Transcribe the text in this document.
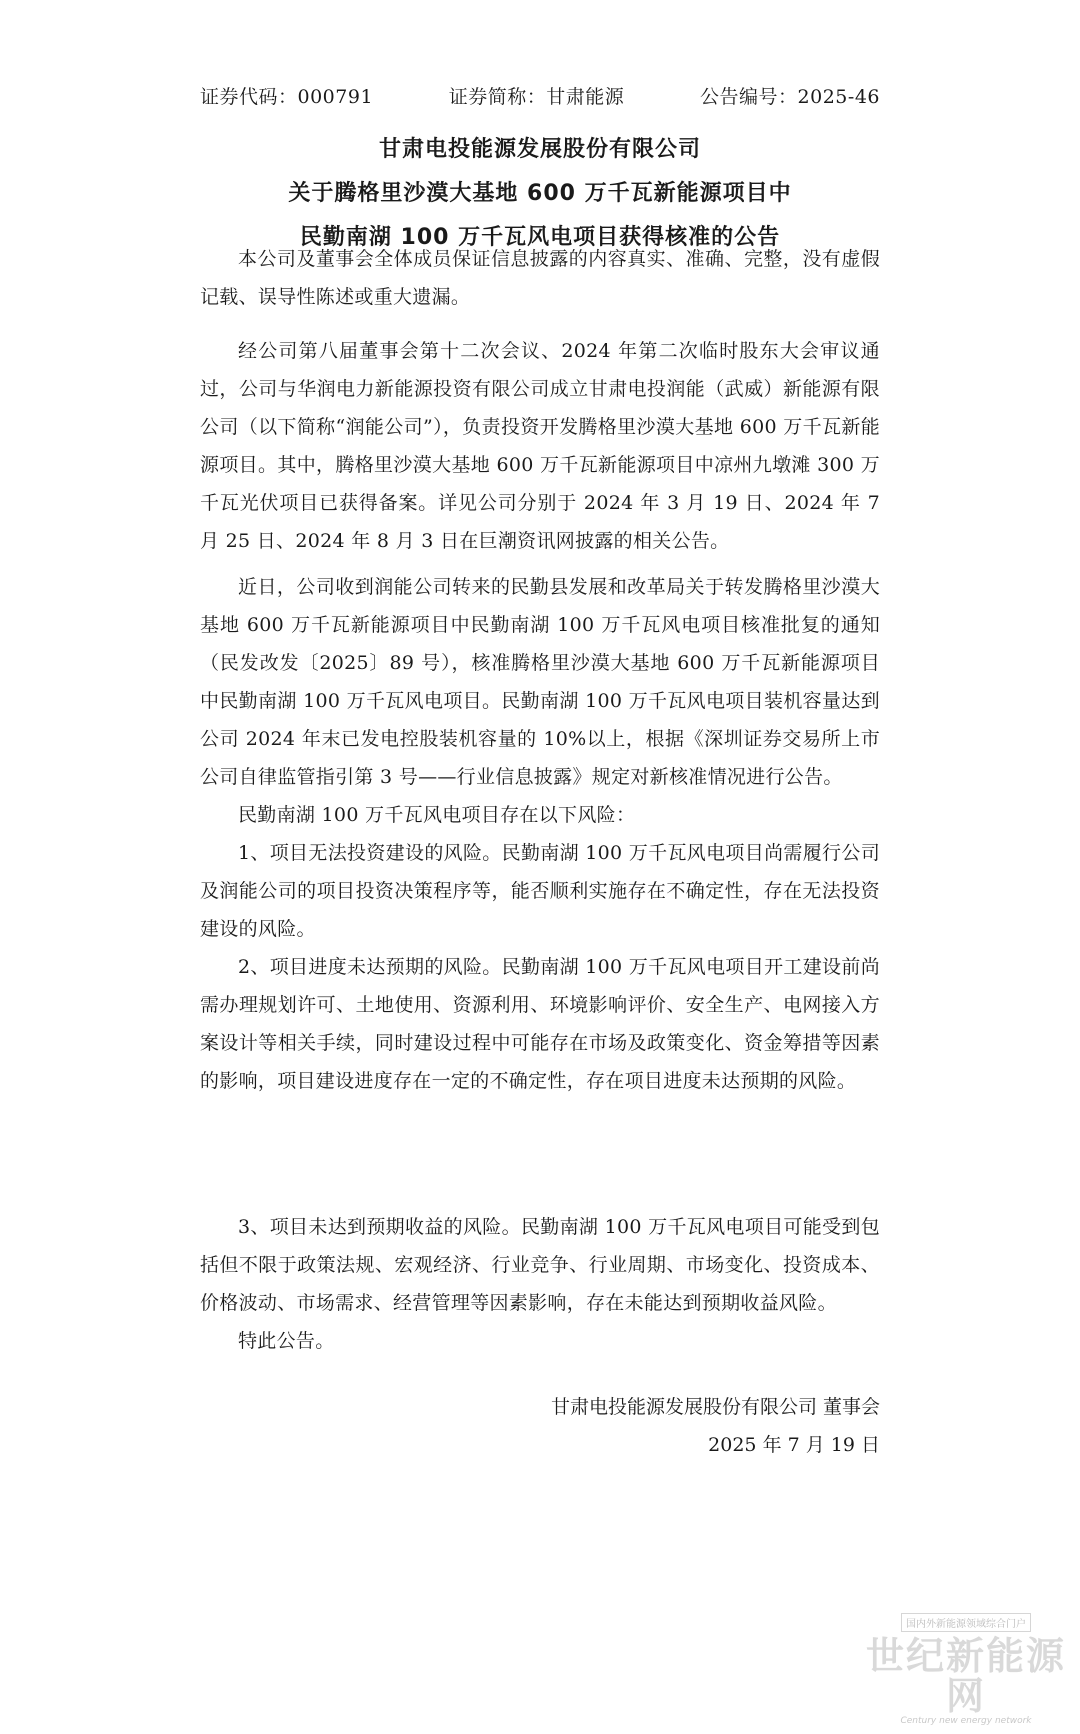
证券代码：000791	证券简称：甘肃能源	公告编号：2025-46
甘肃电投能源发展股份有限公司
关于腾格里沙漠大基地 600 万千瓦新能源项目中
民勤南湖 100 万千瓦风电项目获得核准的公告

本公司及董事会全体成员保证信息披露的内容真实、准确、完整，没有虚假记载、误导性陈述或重大遗漏。

经公司第八届董事会第十二次会议、2024 年第二次临时股东大会审议通过，公司与华润电力新能源投资有限公司成立甘肃电投润能（武威）新能源有限公司（以下简称“润能公司”），负责投资开发腾格里沙漠大基地 600 万千瓦新能源项目。其中，腾格里沙漠大基地 600 万千瓦新能源项目中凉州九墩滩 300 万千瓦光伏项目已获得备案。详见公司分别于 2024 年 3 月 19 日、2024 年 7 月 25 日、2024 年 8 月 3 日在巨潮资讯网披露的相关公告。

近日，公司收到润能公司转来的民勤县发展和改革局关于转发腾格里沙漠大基地 600 万千瓦新能源项目中民勤南湖 100 万千瓦风电项目核准批复的通知（民发改发〔2025〕89 号），核准腾格里沙漠大基地 600 万千瓦新能源项目中民勤南湖 100 万千瓦风电项目。民勤南湖 100 万千瓦风电项目装机容量达到公司 2024 年末已发电控股装机容量的 10%以上，根据《深圳证券交易所上市公司自律监管指引第 3 号——行业信息披露》规定对新核准情况进行公告。

民勤南湖 100 万千瓦风电项目存在以下风险：

1、项目无法投资建设的风险。民勤南湖 100 万千瓦风电项目尚需履行公司及润能公司的项目投资决策程序等，能否顺利实施存在不确定性，存在无法投资建设的风险。

2、项目进度未达预期的风险。民勤南湖 100 万千瓦风电项目开工建设前尚需办理规划许可、土地使用、资源利用、环境影响评价、安全生产、电网接入方案设计等相关手续，同时建设过程中可能存在市场及政策变化、资金筹措等因素的影响，项目建设进度存在一定的不确定性，存在项目进度未达预期的风险。

3、项目未达到预期收益的风险。民勤南湖 100 万千瓦风电项目可能受到包括但不限于政策法规、宏观经济、行业竞争、行业周期、市场变化、投资成本、价格波动、市场需求、经营管理等因素影响，存在未能达到预期收益风险。

特此公告。

甘肃电投能源发展股份有限公司 董事会
2025 年 7 月 19 日
国内外新能源领域综合门户
世纪新能源网
Century new energy network
